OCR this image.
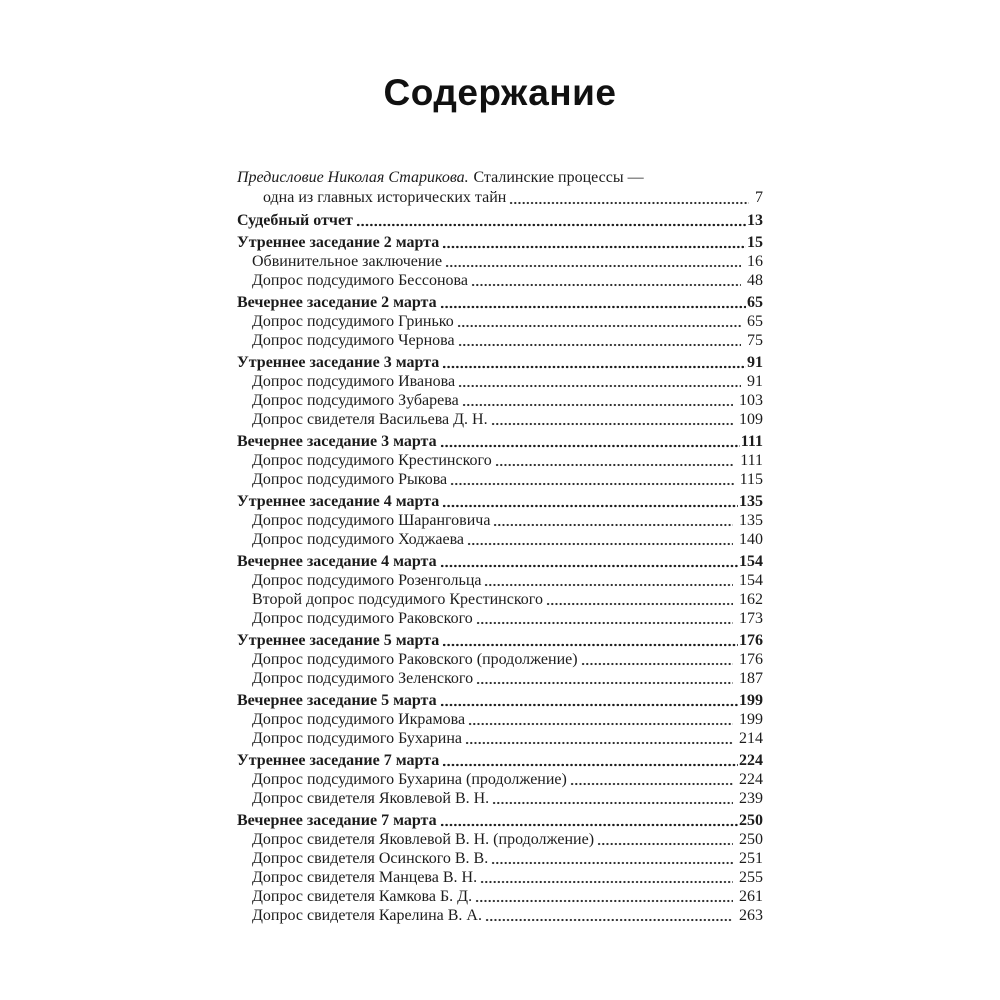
Содержание
Предисловие Николая Старикова. Сталинские процессы —
одна из главных исторических тайн	7
Судебный отчет	13
Утреннее заседание 2 марта	15
Обвинительное заключение	16
Допрос подсудимого Бессонова	48
Вечернее заседание 2 марта	65
Допрос подсудимого Гринько	65
Допрос подсудимого Чернова	75
Утреннее заседание 3 марта	91
Допрос подсудимого Иванова	91
Допрос подсудимого Зубарева	103
Допрос свидетеля Васильева Д. Н.	109
Вечернее заседание 3 марта	111
Допрос подсудимого Крестинского	111
Допрос подсудимого Рыкова	115
Утреннее заседание 4 марта	135
Допрос подсудимого Шаранговича	135
Допрос подсудимого Ходжаева	140
Вечернее заседание 4 марта	154
Допрос подсудимого Розенгольца	154
Второй допрос подсудимого Крестинского	162
Допрос подсудимого Раковского	173
Утреннее заседание 5 марта	176
Допрос подсудимого Раковского (продолжение)	176
Допрос подсудимого Зеленского	187
Вечернее заседание 5 марта	199
Допрос подсудимого Икрамова	199
Допрос подсудимого Бухарина	214
Утреннее заседание 7 марта	224
Допрос подсудимого Бухарина (продолжение)	224
Допрос свидетеля Яковлевой В. Н.	239
Вечернее заседание 7 марта	250
Допрос свидетеля Яковлевой В. Н. (продолжение)	250
Допрос свидетеля Осинского В. В.	251
Допрос свидетеля Манцева В. Н.	255
Допрос свидетеля Камкова Б. Д.	261
Допрос свидетеля Карелина В. А.	263
